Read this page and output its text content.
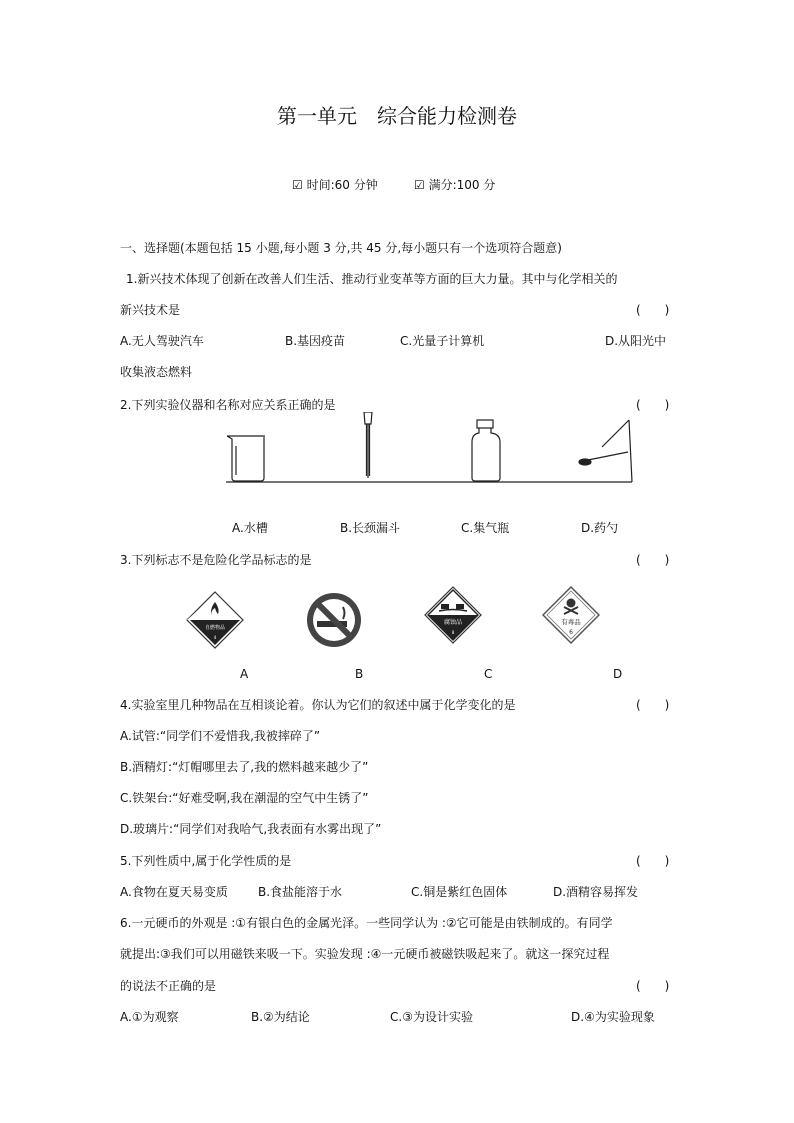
第一单元　综合能力检测卷
☑ 时间:60 分钟	☑ 满分:100 分
一、选择题(本题包括 15 小题,每小题 3 分,共 45 分,每小题只有一个选项符合题意)
1.新兴技术体现了创新在改善人们生活、推动行业变革等方面的巨大力量。其中与化学相关的
新兴技术是	(　　)
A.无人驾驶汽车	B.基因疫苗	C.光量子计算机	D.从阳光中
收集液态燃料
2.下列实验仪器和名称对应关系正确的是	(　　)
A.水槽	B.长颈漏斗	C.集气瓶	D.药勺
3.下列标志不是危险化学品标志的是	(　　)
自燃物品
4
腐蚀品
8
有毒品
6
A	B	C	D
4.实验室里几种物品在互相谈论着。你认为它们的叙述中属于化学变化的是	(　　)
A.试管:“同学们不爱惜我,我被摔碎了”
B.酒精灯:“灯帽哪里去了,我的燃料越来越少了”
C.铁架台:“好难受啊,我在潮湿的空气中生锈了”
D.玻璃片:“同学们对我哈气,我表面有水雾出现了”
5.下列性质中,属于化学性质的是	(　　)
A.食物在夏天易变质	B.食盐能溶于水	C.铜是紫红色固体	D.酒精容易挥发
6.一元硬币的外观是 :①有银白色的金属光泽。一些同学认为 :②它可能是由铁制成的。有同学
就提出:③我们可以用磁铁来吸一下。实验发现 :④一元硬币被磁铁吸起来了。就这一探究过程
的说法不正确的是	(　　)
A.①为观察	B.②为结论	C.③为设计实验	D.④为实验现象
